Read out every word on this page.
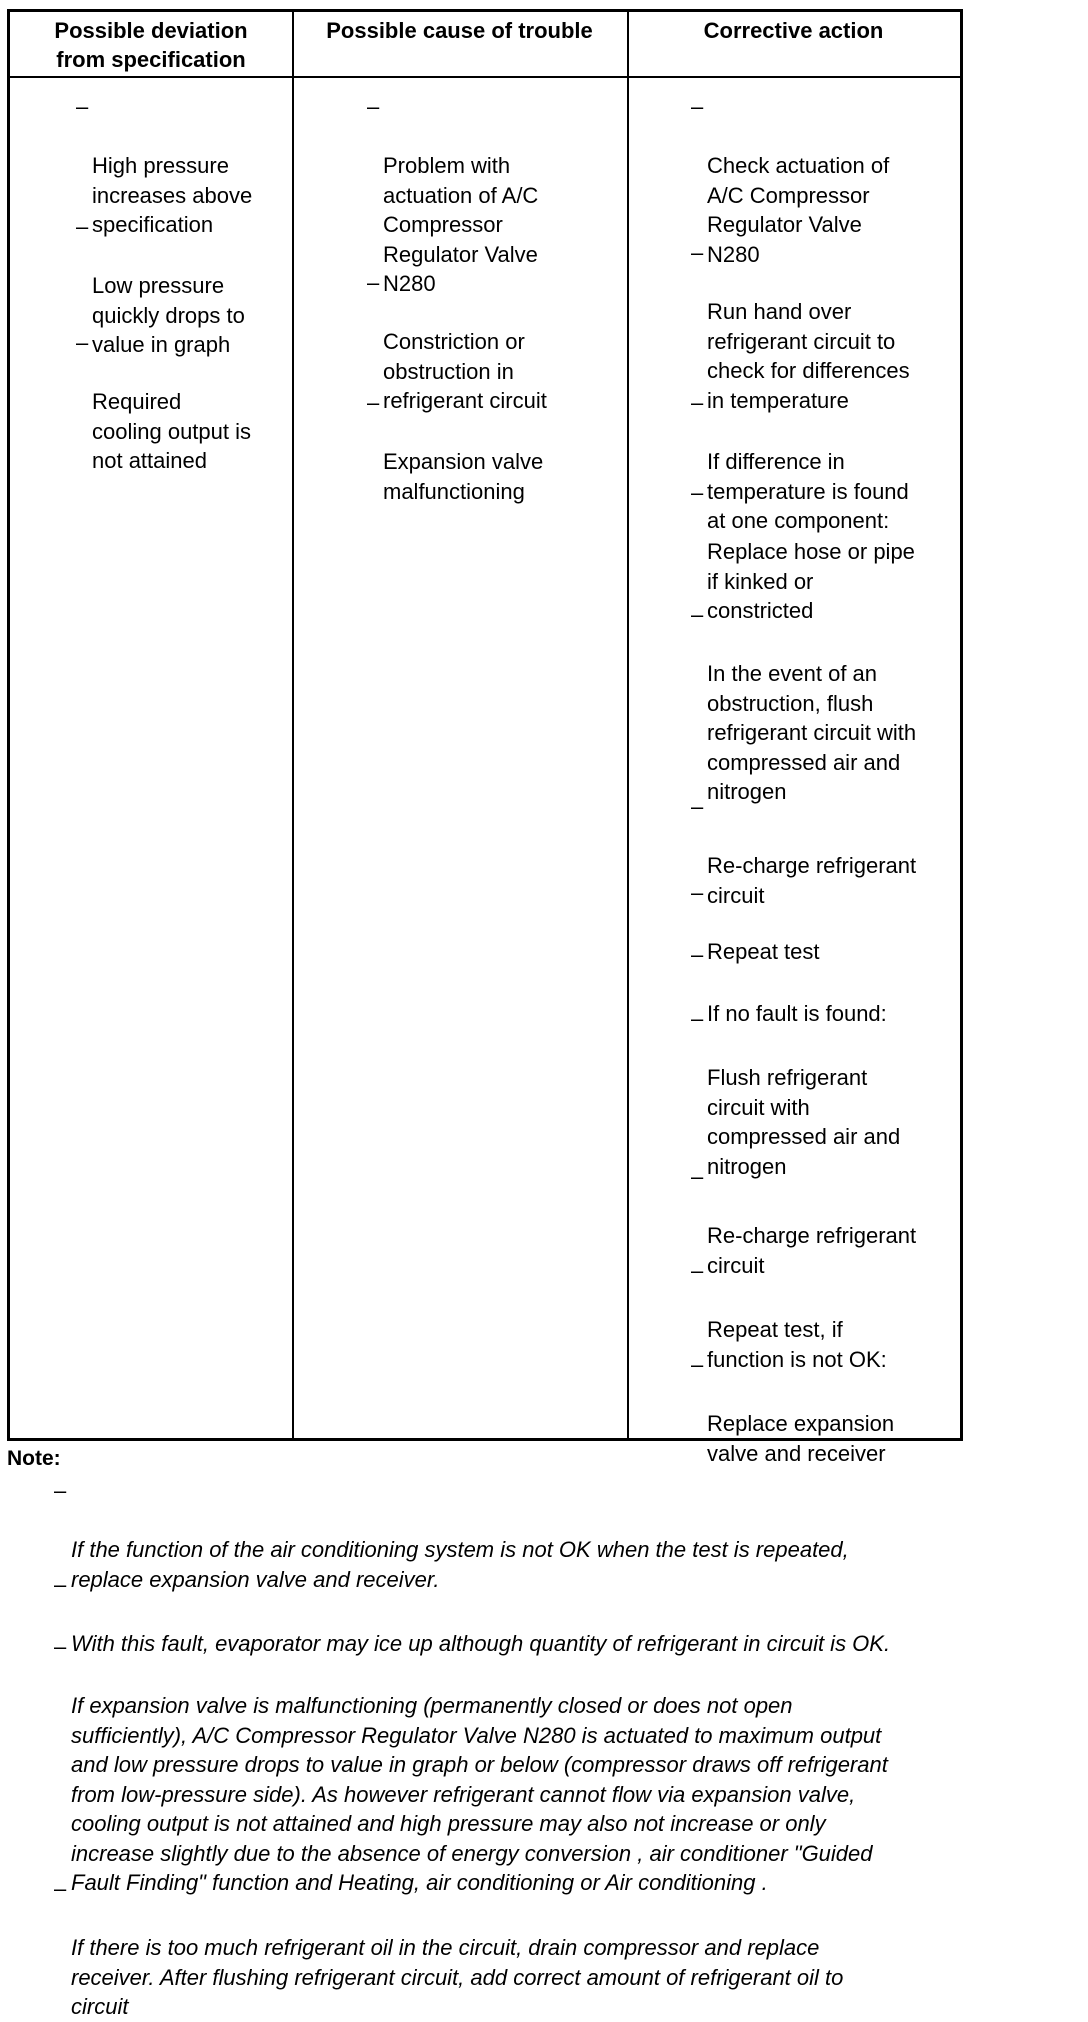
Possible deviation
from specification

–

High pressure
increases above
specification

–

Low pressure
quickly drops to
value in graph

–

Required
cooling output is
not attained

Possible cause of trouble

–

Problem with
actuation of A/C
Compressor
Regulator Valve
N280

–

Constriction or
obstruction in
refrigerant circuit

–

Expansion valve
malfunctioning

Corrective action

–

Check actuation of
A/C Compressor
Regulator Valve
N280

–

Run hand over
refrigerant circuit to
check for differences
in temperature

–

If difference in
temperature is found
at one component:

–

Replace hose or pipe
if kinked or
constricted

–

In the event of an
obstruction, flush
refrigerant circuit with
compressed air and
nitrogen

–

Re-charge refrigerant
circuit

–

Repeat test

–

If no fault is found:

–

Flush refrigerant
circuit with
compressed air and
nitrogen

–

Re-charge refrigerant
circuit

–

Repeat test, if
function is not OK:

–

Replace expansion
valve and receiver

Note:

–

If the function of the air conditioning system is not OK when the test is repeated,
replace expansion valve and receiver.

–

With this fault, evaporator may ice up although quantity of refrigerant in circuit is OK.

–

If expansion valve is malfunctioning (permanently closed or does not open
sufficiently), A/C Compressor Regulator Valve N280 is actuated to maximum output
and low pressure drops to value in graph or below (compressor draws off refrigerant
from low-pressure side). As however refrigerant cannot flow via expansion valve,
cooling output is not attained and high pressure may also not increase or only
increase slightly due to the absence of energy conversion , air conditioner "Guided
Fault Finding" function and Heating, air conditioning or Air conditioning .

–

If there is too much refrigerant oil in the circuit, drain compressor and replace
receiver. After flushing refrigerant circuit, add correct amount of refrigerant oil to
circuit
